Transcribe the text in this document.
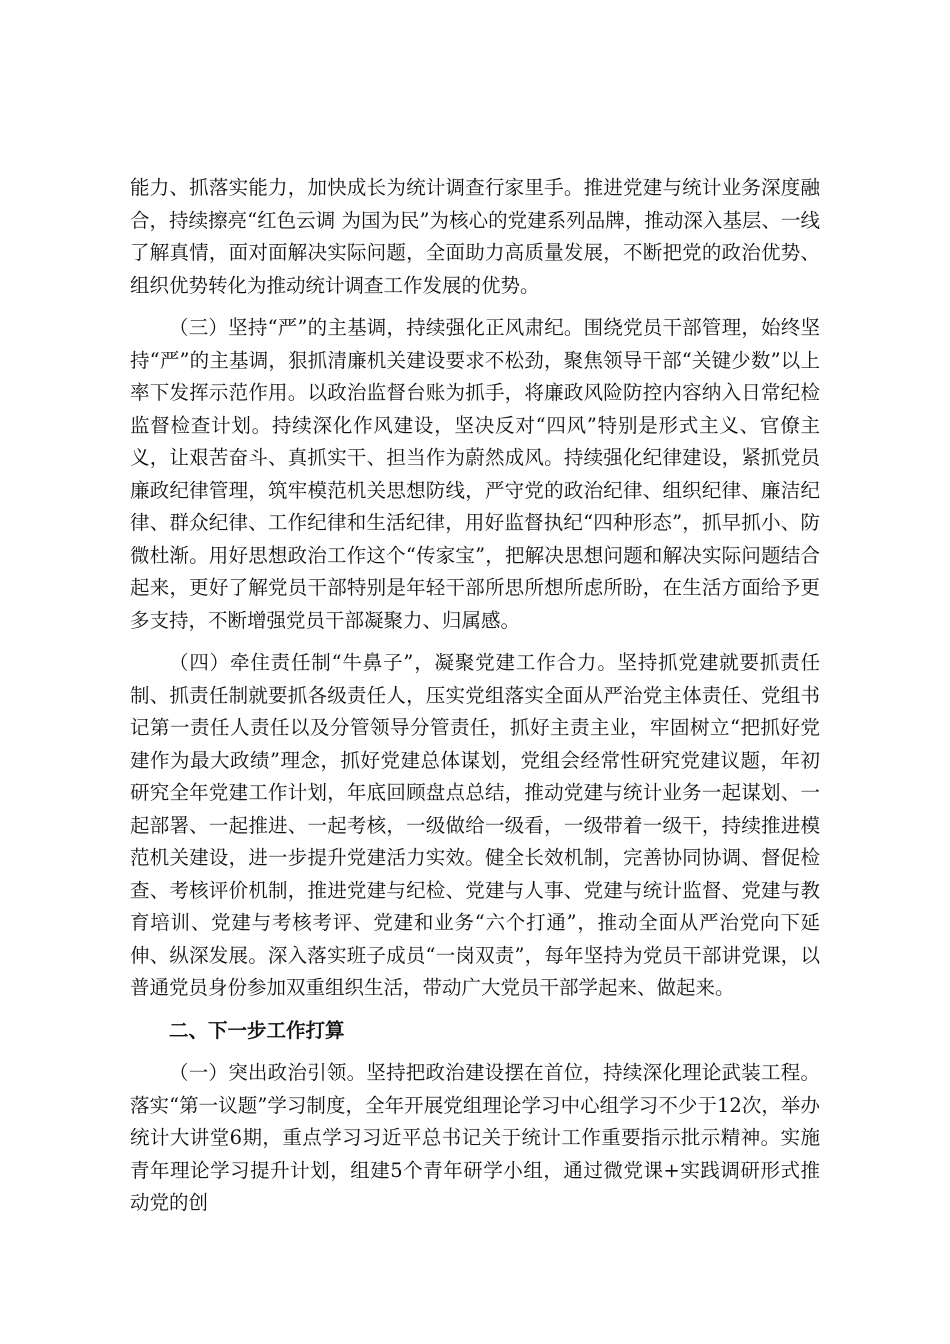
能力、抓落实能力，加快成长为统计调查行家里手。推进党建与统计业务深度融合，持续擦亮“红色云调 为国为民”为核心的党建系列品牌，推动深入基层、一线了解真情，面对面解决实际问题，全面助力高质量发展，不断把党的政治优势、组织优势转化为推动统计调查工作发展的优势。

（三）坚持“严”的主基调，持续强化正风肃纪。围绕党员干部管理，始终坚持“严”的主基调，狠抓清廉机关建设要求不松劲，聚焦领导干部“关键少数”以上率下发挥示范作用。以政治监督台账为抓手，将廉政风险防控内容纳入日常纪检监督检查计划。持续深化作风建设，坚决反对“四风”特别是形式主义、官僚主义，让艰苦奋斗、真抓实干、担当作为蔚然成风。持续强化纪律建设，紧抓党员廉政纪律管理，筑牢模范机关思想防线，严守党的政治纪律、组织纪律、廉洁纪律、群众纪律、工作纪律和生活纪律，用好监督执纪“四种形态”，抓早抓小、防微杜渐。用好思想政治工作这个“传家宝”，把解决思想问题和解决实际问题结合起来，更好了解党员干部特别是年轻干部所思所想所虑所盼，在生活方面给予更多支持，不断增强党员干部凝聚力、归属感。

（四）牵住责任制“牛鼻子”，凝聚党建工作合力。坚持抓党建就要抓责任制、抓责任制就要抓各级责任人，压实党组落实全面从严治党主体责任、党组书记第一责任人责任以及分管领导分管责任，抓好主责主业，牢固树立“把抓好党建作为最大政绩”理念，抓好党建总体谋划，党组会经常性研究党建议题，年初研究全年党建工作计划，年底回顾盘点总结，推动党建与统计业务一起谋划、一起部署、一起推进、一起考核，一级做给一级看，一级带着一级干，持续推进模范机关建设，进一步提升党建活力实效。健全长效机制，完善协同协调、督促检查、考核评价机制，推进党建与纪检、党建与人事、党建与统计监督、党建与教育培训、党建与考核考评、党建和业务“六个打通”，推动全面从严治党向下延伸、纵深发展。深入落实班子成员“一岗双责”，每年坚持为党员干部讲党课，以普通党员身份参加双重组织生活，带动广大党员干部学起来、做起来。

二、下一步工作打算

（一）突出政治引领。坚持把政治建设摆在首位，持续深化理论武装工程。落实“第一议题”学习制度，全年开展党组理论学习中心组学习不少于12次，举办统计大讲堂6期，重点学习习近平总书记关于统计工作重要指示批示精神。实施青年理论学习提升计划，组建5个青年研学小组，通过微党课+实践调研形式推动党的创
